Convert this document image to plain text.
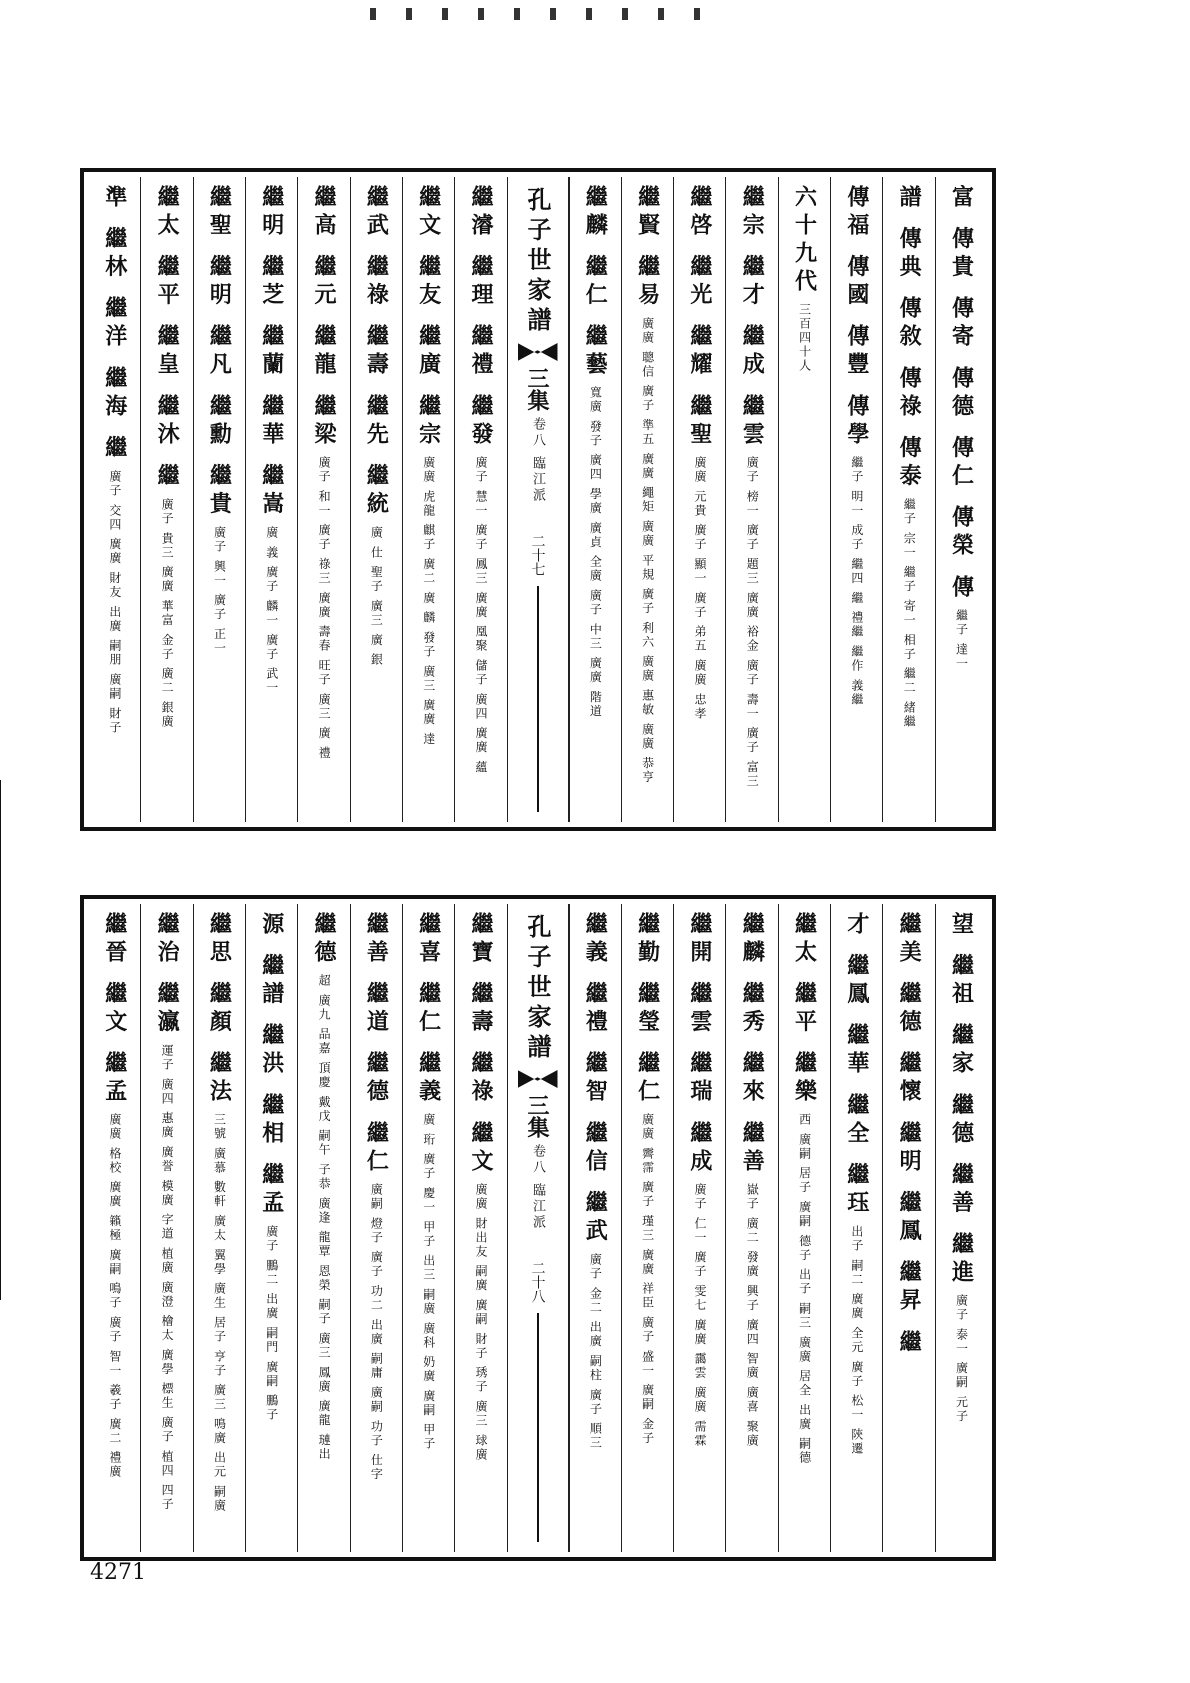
富 傳貴 傳寄 傳德 傳仁 傳榮 傳
繼子 達一
譜 傳典 傳敘 傳祿 傳泰
繼子 宗一 繼子 寄一 相子 繼二 緒繼
傳福 傳國 傳豐 傳學
繼子 明一 成子 繼四 繼 禮繼 繼作 義繼
六十九代
三百四十人
繼宗 繼才 繼成 繼雲
廣子 榜一 廣子 題三 廣廣 裕金 廣子 壽一 廣子 富三
繼啓 繼光 繼耀 繼聖
廣廣 元貴 廣子 顯一 廣子 弟五 廣廣 忠孝
繼賢 繼易
廣廣 聰信 廣子 準五 廣廣 繩矩 廣廣 平規 廣子 利六 廣廣 惠敏 廣廣 恭亨
繼麟 繼仁 繼藝
寬廣 發子 廣四 學廣 廣貞 全廣 廣子 中三 廣廣 階道
孔子世家譜
三集
卷八 臨江派
二十七
繼濬 繼理 繼禮 繼發
廣子 慧一 廣子 鳳三 廣廣 凰聚 儲子 廣四 廣廣 蘊
繼文 繼友 繼廣 繼宗
廣廣 虎龍 麒子 廣二 廣 麟 發子 廣三 廣廣 達
繼武 繼祿 繼壽 繼先 繼統
廣 仕 聖子 廣三 廣 銀
繼高 繼元 繼龍 繼梁
廣子 和一 廣子 祿三 廣廣 壽春 旺子 廣三 廣 禮
繼明 繼芝 繼蘭 繼華 繼嵩
廣 義 廣子 麟一 廣子 武一
繼聖 繼明 繼凡 繼勳 繼貴
廣子 興一 廣子 正一
繼太 繼平 繼皇 繼沐 繼
廣子 貴三 廣廣 華富 金子 廣二 銀廣
準 繼林 繼洋 繼海 繼
廣子 交四 廣廣 財友 出廣 嗣朋 廣嗣 財子
望 繼祖 繼家 繼德 繼善 繼進
廣子 泰一 廣嗣 元子
繼美 繼德 繼懷 繼明 繼鳳 繼昇 繼
才 繼鳳 繼華 繼全 繼珏
出子 嗣二 廣廣 全元 廣子 松一 陝遷
繼太 繼平 繼樂
西 廣嗣 居子 廣嗣 德子 出子 嗣三 廣廣 居全 出廣 嗣德
繼麟 繼秀 繼來 繼善
嶽子 廣二 發廣 興子 廣四 智廣 廣喜 聚廣
繼開 繼雲 繼瑞 繼成
廣子 仁一 廣子 雯七 廣廣 靄雲 廣廣 需霖
繼勤 繼瑩 繼仁
廣廣 霽霈 廣子 瑾三 廣廣 祥臣 廣子 盛一 廣嗣 金子
繼義 繼禮 繼智 繼信 繼武
廣子 金二 出廣 嗣柱 廣子 順三
孔子世家譜
三集
卷八 臨江派
二十八
繼寶 繼壽 繼祿 繼文
廣廣 財出友 嗣廣 廣嗣 財子 琇子 廣三 球廣
繼喜 繼仁 繼義
廣 珩 廣子 慶一 甲子 出三 嗣廣 廣科 奶廣 廣嗣 甲子
繼善 繼道 繼德 繼仁
廣嗣 燈子 廣子 功二 出廣 嗣庸 廣嗣 功子 仕字
繼德
超 廣九 品嘉 頂慶 戴戊 嗣午 子恭 廣逢 龍覃 恩榮 嗣子 廣三 鳳廣 廣龍 璉出
源 繼譜 繼洪 繼相 繼孟
廣子 鵬二 出廣 嗣門 廣嗣 鵬子
繼思 繼顏 繼法
三號 廣慕 數軒 廣太 翼學 廣生 居子 亨子 廣三 鳴廣 出元 嗣廣
繼治 繼瀛
運子 廣四 惠廣 廣誉 模廣 字道 植廣 廣澄 檜太 廣學 標生 廣子 植四 四子
繼晉 繼文 繼孟
廣廣 格校 廣廣 籟極 廣嗣 鳴子 廣子 智一 羲子 廣二 禮廣
4271
